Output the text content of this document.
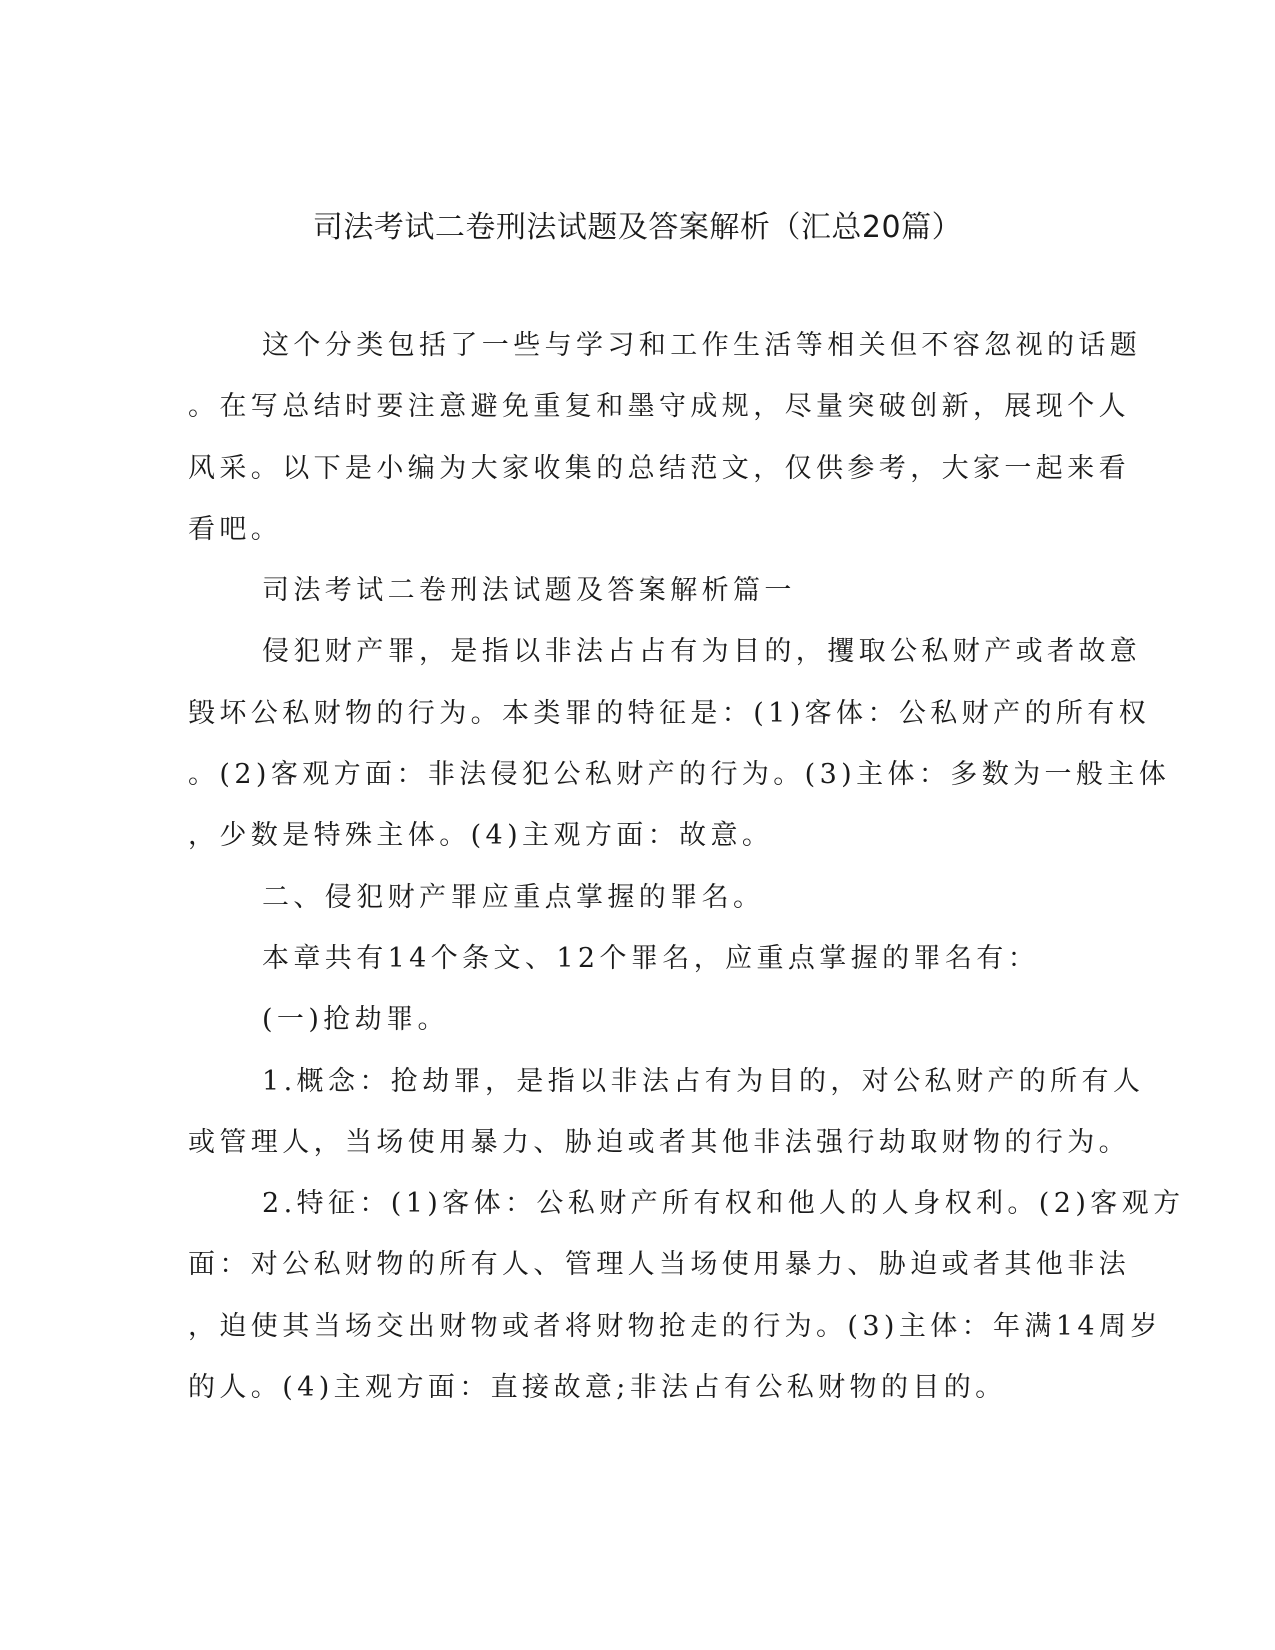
司法考试二卷刑法试题及答案解析（汇总20篇）
这个分类包括了一些与学习和工作生活等相关但不容忽视的话题
。在写总结时要注意避免重复和墨守成规，尽量突破创新，展现个人
风采。以下是小编为大家收集的总结范文，仅供参考，大家一起来看
看吧。
司法考试二卷刑法试题及答案解析篇一
侵犯财产罪，是指以非法占占有为目的，攫取公私财产或者故意
毁坏公私财物的行为。本类罪的特征是：(1)客体：公私财产的所有权
。(2)客观方面：非法侵犯公私财产的行为。(3)主体：多数为一般主体
，少数是特殊主体。(4)主观方面：故意。
二、侵犯财产罪应重点掌握的罪名。
本章共有14个条文、12个罪名，应重点掌握的罪名有：
(一)抢劫罪。
1.概念：抢劫罪，是指以非法占有为目的，对公私财产的所有人
或管理人，当场使用暴力、胁迫或者其他非法强行劫取财物的行为。
2.特征：(1)客体：公私财产所有权和他人的人身权利。(2)客观方
面：对公私财物的所有人、管理人当场使用暴力、胁迫或者其他非法
，迫使其当场交出财物或者将财物抢走的行为。(3)主体：年满14周岁
的人。(4)主观方面：直接故意;非法占有公私财物的目的。
